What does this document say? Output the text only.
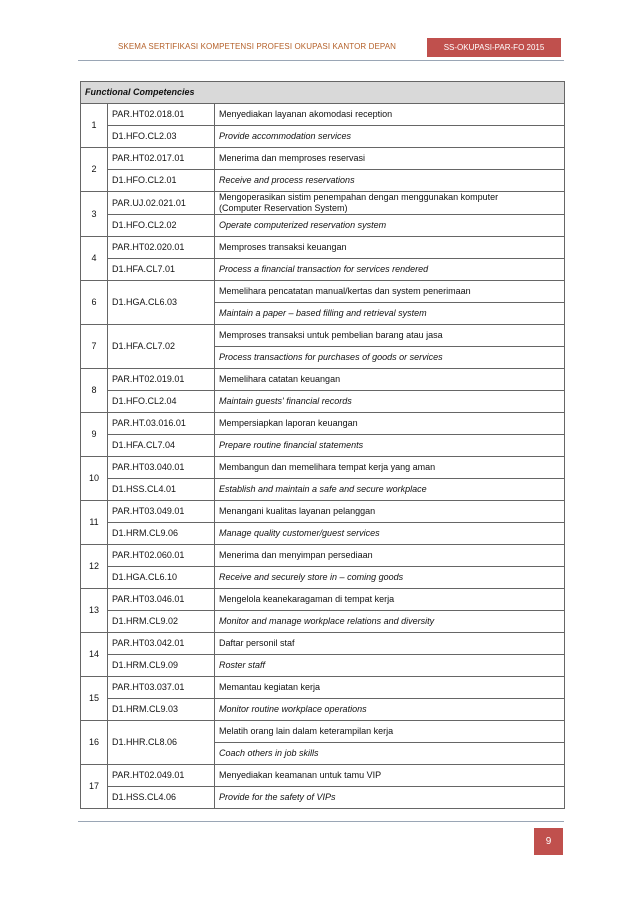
SKEMA SERTIFIKASI KOMPETENSI PROFESI OKUPASI KANTOR DEPAN	SS-OKUPASI-PAR-FO 2015
Functional Competencies		
1	PAR.HT02.018.01	Menyediakan layanan akomodasi reception
	D1.HFO.CL2.03	Provide accommodation services
2	PAR.HT02.017.01	Menerima dan memproses reservasi
	D1.HFO.CL2.01	Receive and process reservations
3	PAR.UJ.02.021.01	Mengoperasikan sistim penempahan dengan menggunakan komputer
(Computer Reservation System)

	D1.HFO.CL2.02	Operate computerized reservation system
4	PAR.HT02.020.01	Memproses transaksi keuangan
	D1.HFA.CL7.01	Process a financial transaction for services rendered
6	D1.HGA.CL6.03	Memelihara pencatatan manual/kertas dan system penerimaan
		Maintain a paper – based filling and retrieval system
7	D1.HFA.CL7.02	Memproses transaksi untuk pembelian barang atau jasa
		Process transactions for purchases of goods or services
8	PAR.HT02.019.01	Memelihara catatan keuangan
	D1.HFO.CL2.04	Maintain guests' financial records
9	PAR.HT.03.016.01	Mempersiapkan laporan keuangan
	D1.HFA.CL7.04	Prepare routine financial statements
10	PAR.HT03.040.01	Membangun dan memelihara tempat kerja yang aman
	D1.HSS.CL4.01	Establish and maintain a safe and secure workplace
11	PAR.HT03.049.01	Menangani kualitas layanan pelanggan
	D1.HRM.CL9.06	Manage quality customer/guest services
12	PAR.HT02.060.01	Menerima dan menyimpan persediaan
	D1.HGA.CL6.10	Receive and securely store in – coming goods
13	PAR.HT03.046.01	Mengelola keanekaragaman di tempat kerja
	D1.HRM.CL9.02	Monitor and manage workplace relations and diversity
14	PAR.HT03.042.01	Daftar personil staf
	D1.HRM.CL9.09	Roster staff
15	PAR.HT03.037.01	Memantau kegiatan kerja
	D1.HRM.CL9.03	Monitor routine workplace operations
16	D1.HHR.CL8.06	Melatih orang lain dalam keterampilan kerja
		Coach others in job skills
17	PAR.HT02.049.01	Menyediakan keamanan untuk tamu VIP
	D1.HSS.CL4.06	Provide for the safety of VIPs
9
